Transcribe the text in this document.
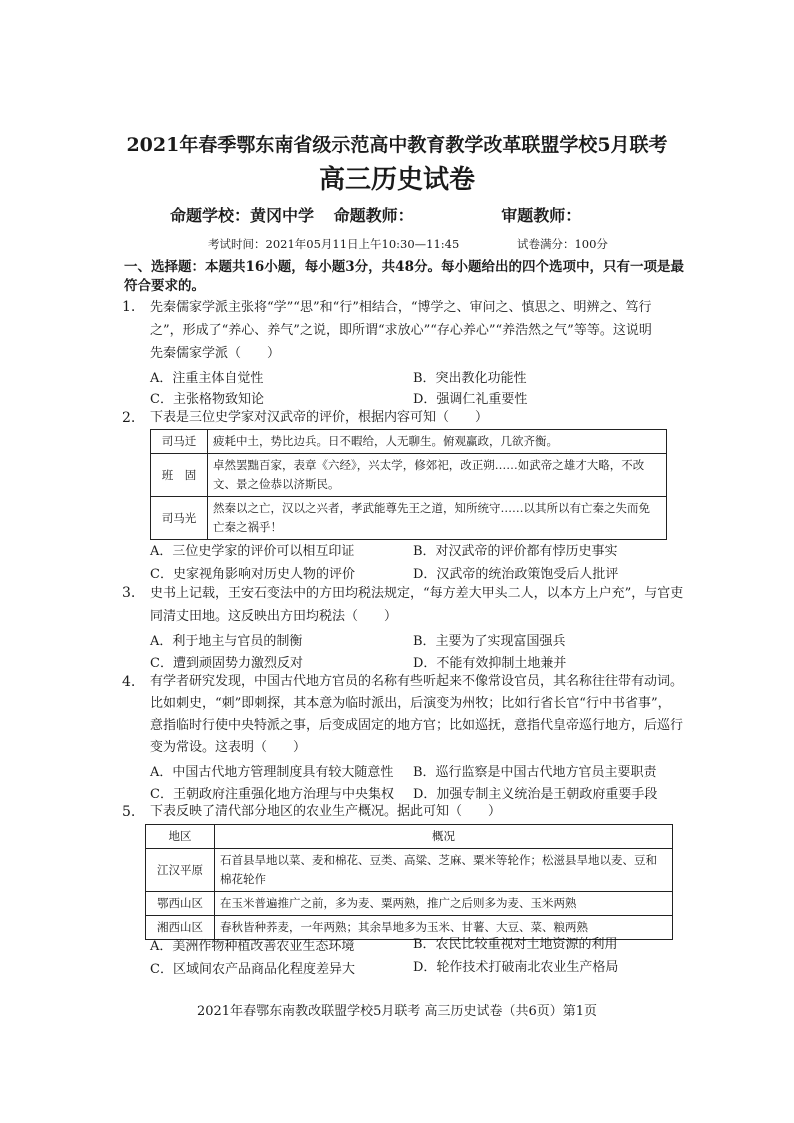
2021年春季鄂东南省级示范高中教育教学改革联盟学校5月联考
高三历史试卷
命题学校：黄冈中学 命题教师：	审题教师：
考试时间：2021年05月11日上午10:30—11:45	试卷满分：100分
一、选择题：本题共16小题，每小题3分，共48分。每小题给出的四个选项中，只有一项是最符合要求的。
1. 先秦儒家学派主张将“学”“思”和“行”相结合，“博学之、审问之、慎思之、明辨之、笃行
之”，形成了“养心、养气”之说，即所谓“求放心”“存心养心”“养浩然之气”等等。这说明
先秦儒家学派（　　）
A．注重主体自觉性	B．突出教化功能性
C．主张格物致知论	D．强调仁礼重要性
2. 下表是三位史学家对汉武帝的评价，根据内容可知（　　）
司马迁	疲耗中土，势比边兵。日不暇给，人无聊生。俯观赢政，几欲齐衡。
班　固	卓然罢黜百家，表章《六经》，兴太学，修郊祀，改正朔……如武帝之雄才大略，不改文、景之俭恭以济斯民。
司马光	然秦以之亡，汉以之兴者，孝武能尊先王之道，知所统守……以其所以有亡秦之失而免亡秦之祸乎！
A．三位史学家的评价可以相互印证	B．对汉武帝的评价都有悖历史事实
C．史家视角影响对历史人物的评价	D．汉武帝的统治政策饱受后人批评
3. 史书上记载，王安石变法中的方田均税法规定，“每方差大甲头二人，以本方上户充”，与官吏
同清丈田地。这反映出方田均税法（　　）
A．利于地主与官员的制衡	B．主要为了实现富国强兵
C．遭到顽固势力激烈反对	D．不能有效抑制土地兼并
4. 有学者研究发现，中国古代地方官员的名称有些听起来不像常设官员，其名称往往带有动词。
比如刺史，“刺”即刺探，其本意为临时派出，后演变为州牧；比如行省长官“行中书省事”，
意指临时行使中央特派之事，后变成固定的地方官；比如巡抚，意指代皇帝巡行地方，后巡行
变为常设。这表明（　　）
A．中国古代地方管理制度具有较大随意性 B．巡行监察是中国古代地方官员主要职责
C．王朝政府注重强化地方治理与中央集权 D．加强专制主义统治是王朝政府重要手段
5. 下表反映了清代部分地区的农业生产概况。据此可知（　　）
地区	概况
江汉平原	石首县旱地以菜、麦和棉花、豆类、高粱、芝麻、粟米等轮作；松滋县旱地以麦、豆和棉花轮作
鄂西山区	在玉米普遍推广之前，多为麦、粟两熟，推广之后则多为麦、玉米两熟
湘西山区	春秋皆种荞麦，一年两熟；其余旱地多为玉米、甘薯、大豆、菜、粮两熟
A．美洲作物种植改善农业生态环境	B．农民比较重视对土地资源的利用
C．区域间农产品商品化程度差异大	D．轮作技术打破南北农业生产格局
2021年春鄂东南教改联盟学校5月联考 高三历史试卷（共6页）第1页
